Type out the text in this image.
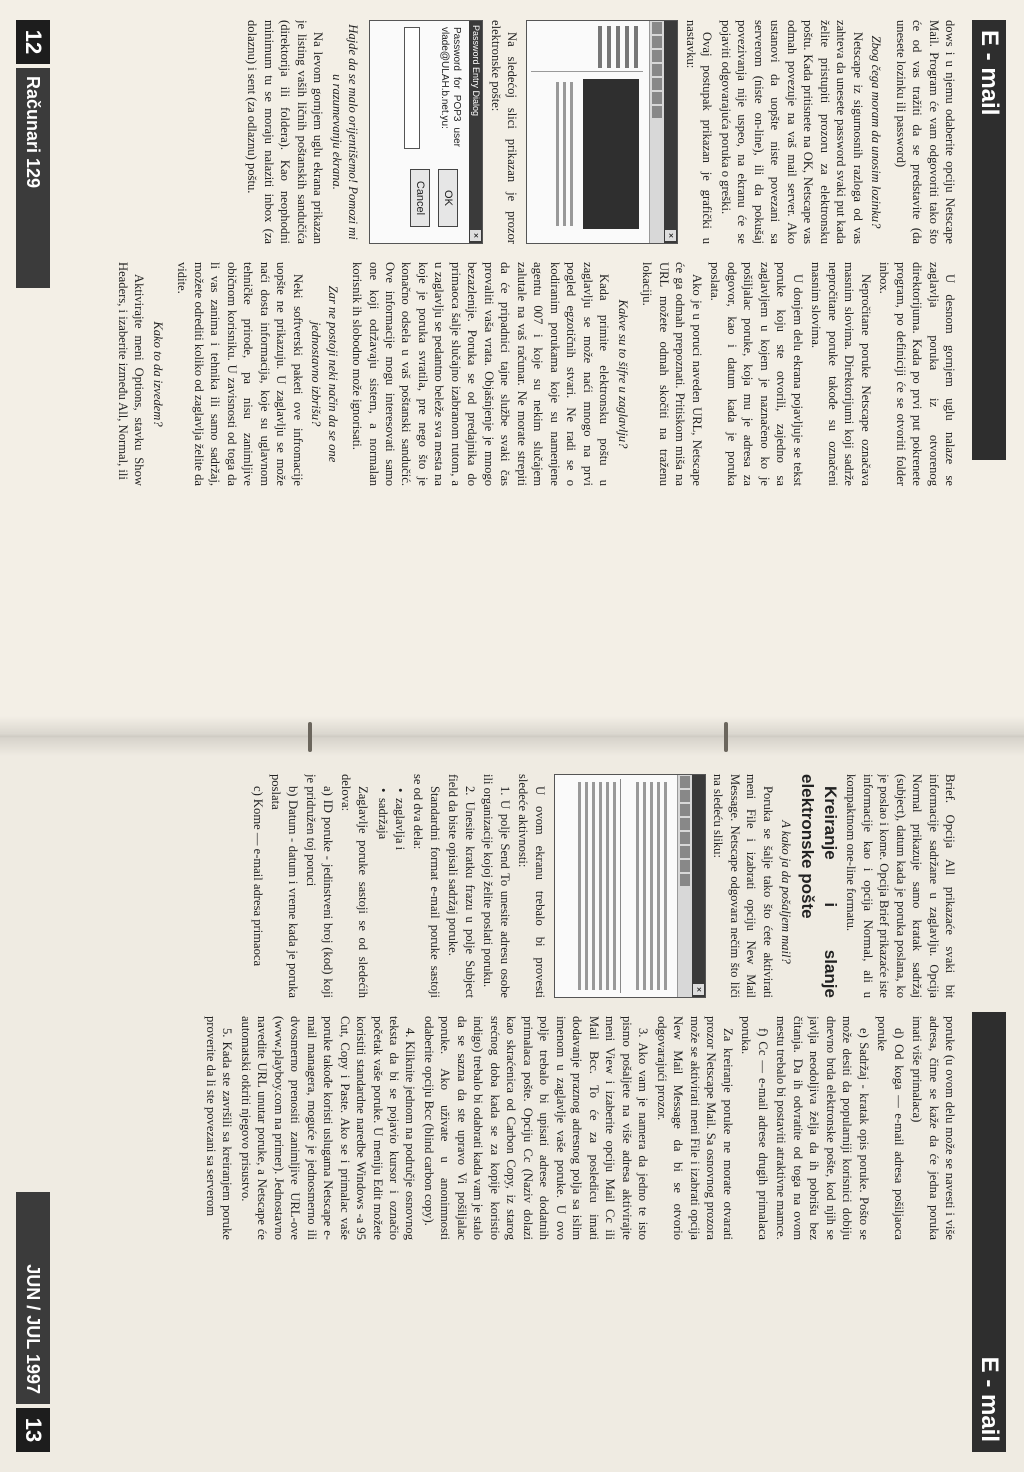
E - mail

dows i u njemu odaberite opciju Netscape Mail. Program će vam odgovoriti tako što će od vas tražiti da se predstavite (da unesete lozinku ili password)

Zbog čega moram da unosim lozinku?

Netscape iz sigurnosnih razloga od vas zahteva da unesete password svaki put kada želite pristupiti prozoru za elektronsku poštu. Kada pritisnete na OK, Netscape vas odmah povezuje na vaš mail server. Ako ustanovi da uopšte niste povezani sa serverom (niste on-line), ili da pokušaj povezivanja nije uspeo, na ekranu će se pojaviti odgovarajuća poruka o greški.

Ovaj postupak prikazan je grafički u nastavku:

×

Na sledećoj slici prikazan je prozor elektronske pošte:

Password Entry Dialog
×
Password for POP3 user vlade@ULAH.b.net.yu:
OK
Cancel

Hajde da se malo orijentišemo! Pomozi mi u razumevanju ekrana.

Na levom gornjem uglu ekrana prikazan je listing vaših ličnih poštanskih sandučića (direktorija ili foldera). Kao neophodni minimum tu se moraju nalaziti inbox (za dolaznu) i sent (za odlaznu) poštu.

U desnom gornjem uglu nalaze se zaglavlja poruka iz otvorenog direktorijuma. Kada po prvi put pokrenete program, po definiciji će se otvoriti folder inbox.

Nepročitane poruke Netscape označava masnim slovima. Direktorijumi koji sadrže nepročitane poruke takođe su označeni masnim slovima.

U donjem delu ekrana pojavljuje se tekst poruke koju ste otvorili, zajedno sa zaglavljem u kojem je naznačeno ko je pošiljalac poruke, koja mu je adresa za odgovor, kao i datum kada je poruka poslata.

Ako je u poruci naveden URL, Netscape će ga odmah prepoznati. Pritiskom miša na URL možete odmah skočiti na traženu lokaciju.

Kakve su to šifre u zaglavlju?

Kada primite elektronsku poštu u zaglavlju se može naći mnogo na prvi pogled egzotičnih stvari. Ne radi se o kodiranim porukama koje su namenjene agentu 007 i koje su nekim slučajem zalutale na vaš računar. Ne morate strepiti da će pripadnici tajne službe svaki čas provaliti vaša vrata. Objašnjenje je mnogo bezazlenije. Poruka se od predajnika do primaoca šalje slučajno izabranom rutom, a u zaglavlju se pedantno beleže sva mesta na koje je poruka svratila, pre nego što je konačno odsela u vaš poštanski sandučić. Ove informacije mogu interesovati samo one koji održavaju sistem, a normalan korisnik ih slobodno može ignorisati.

Zar ne postoji neki način da se one jednostavno izbrišu?

Neki softverski paketi ove infromacije uopšte ne prikazuju. U zaglavlju se može naći dosta informacija, koje su uglavnom tehničke prirode, pa nisu zanimljive običnom korisniku. U zavisnosti od toga da li vas zanima i tehnika ili samo sadržaj, možete odrediti koliko od zaglavlja želite da vidite.

Kako to da izvedem?

Aktivirajte meni Options, stavku Show Headers, i izaberite između All, Normal, ili

12
Računari 129
E - mail

Brief. Opcija All prikazaće svaki bit informacije sadržane u zaglavlju. Opcija Normal prikazuje samo kratak sadržaj (subject), datum kada je poruka poslana, ko je poslao i kome. Opcija Brief prikazaće iste informacije kao i opcija Normal, ali u kompaktnom one-line formatu.

Kreiranje i slanje elektronske pošte

A kako ja da pošaljem mail?

Poruka se šalje tako što ćete aktivirati meni File i izabrati opciju New Mail Message. Netscape odgovara nečim što liči na sledeću sliku:

×

U ovom ekranu trebalo bi provesti sledeće aktivnosti:

1. U polje Send To unesite adresu osobe ili organizacije kojoj želite poslati poruku.

2. Unesite kratku frazu u polje Subject field da biste opisali sadržaj poruke.

Standardni format e-mail poruke sastoji se od dva dela:

• zaglavlja i
• sadržaja

Zaglavlje poruke sastoji se od sledećih delova:

a) ID poruke - jedinstveni broj (kod) koji je pridružen toj poruci

b) Datum - datum i vreme kada je poruka poslata

c) Kome — e-mail adresa primaoca

poruke (u ovom delu može se navesti i više adresa, čime se kaže da će jedna poruka imati više primalaca)

d) Od koga — e-mail adresa pošiljaoca poruke

e) Sadržaj - kratak opis poruke. Pošto se može desiti da popularniji korisnici dobiju dnevno brda elektronske pošte, kod njih se javlja neodoljiva želja da ih pobrišu bez čitanja. Da ih odvratite od toga na ovom mestu trebalo bi postaviti atraktivne mamce.

f) Cc — e-mail adrese drugih primalaca poruka.

Za kreiranje poruke ne morate otvarati prozor Netscape Mail. Sa osnovnog prozora može se aktivirati meni File i izabrati opcija New Mail Message da bi se otvorio odgovarajući prozor.

3. Ako vam je namera da jedno te isto pismo pošaljete na više adresa aktivirajte meni View i izaberite opciju Mail Cc ili Mail Bcc. To će za posledicu imati dodavanje praznog adresnog polja sa islim imenom u zaglavlje vaše poruke. U ovo polje trebalo bi upisati adrese dodatnih primalaca pošte. Opciju Cc (Naziv dolazi kao skraćenica od Carbon Copy, iz starog srećnog doba kada se za kopije koristio indigo) trebalo bi odabrati kada vam je stalo da se sazna da ste upravo Vi pošiljalac poruke. Ako uživate u anonimnosti odaberite opciju Bcc (blind carbon copy).

4. Kliknite jednom na područje osnovnog teksta da bi se pojavio kursor i označio početak vaše poruke. U meniju Edit možete koristiti standardne naredbe Windows -a 95 Cut, Copy i Paste. Ako se i primalac vaše poruke takođe koristi uslugama Netscape e-mail managera, moguće je jednosmerno ili dvosmerno prenositi zanimljive URL-ove (www.playboy.com na primer). Jednostavno navedite URL unutar poruke, a Netscape će automatski otkriti njegovo prisustvo.

5. Kada ste završili sa kreiranjem poruke proverite da li ste povezani sa serverom

JUN / JUL 1997
13
